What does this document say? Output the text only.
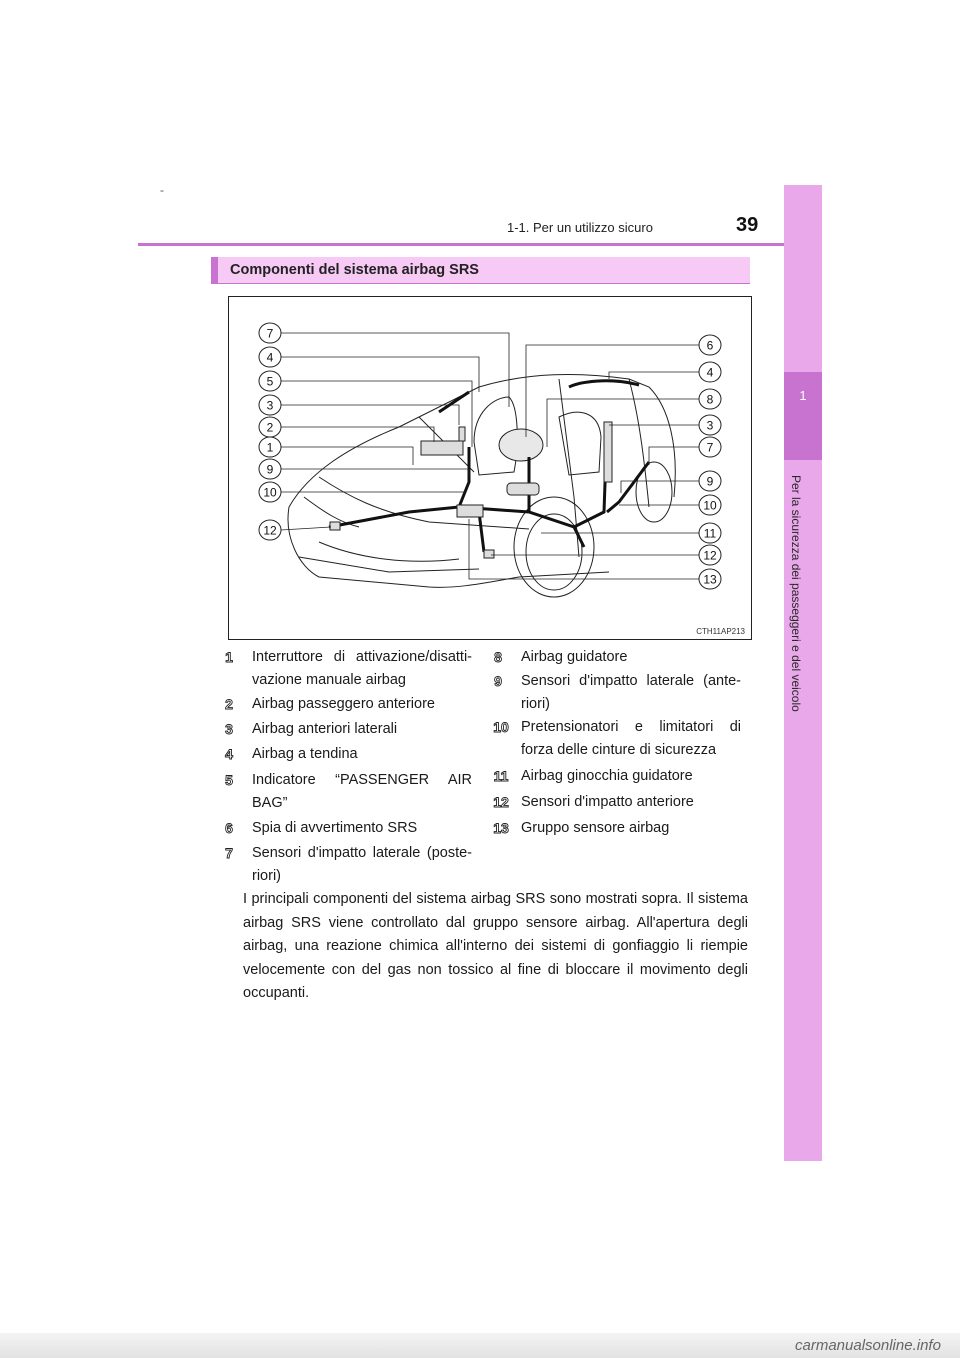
-
1-1. Per un utilizzo sicuro	39
1
Per la sicurezza dei passeggeri e del veicolo
Componenti del sistema airbag SRS
7
4
5
3
2
1
9
10
12
6
4
8
3
7
9
10
11
12
13
CTH11AP213
1 Interruttore di attivazione/disatti-
vazione manuale airbag
2 Airbag passeggero anteriore
3 Airbag anteriori laterali
4 Airbag a tendina
5 Indicatore “PASSENGER AIR
BAG”
6 Spia di avvertimento SRS
7 Sensori d'impatto laterale (poste-
riori)
8 Airbag guidatore
9 Sensori d'impatto laterale (ante-
riori)
10 Pretensionatori e limitatori di
forza delle cinture di sicurezza
11 Airbag ginocchia guidatore
12 Sensori d'impatto anteriore
13 Gruppo sensore airbag
I principali componenti del sistema airbag SRS sono mostrati sopra. Il sistema airbag SRS viene controllato dal gruppo sensore airbag. All'apertura degli airbag, una reazione chimica all'interno dei sistemi di gonfiaggio li riempie velocemente con del gas non tossico al fine di bloccare il movimento degli occupanti.
carmanualsonline.info
